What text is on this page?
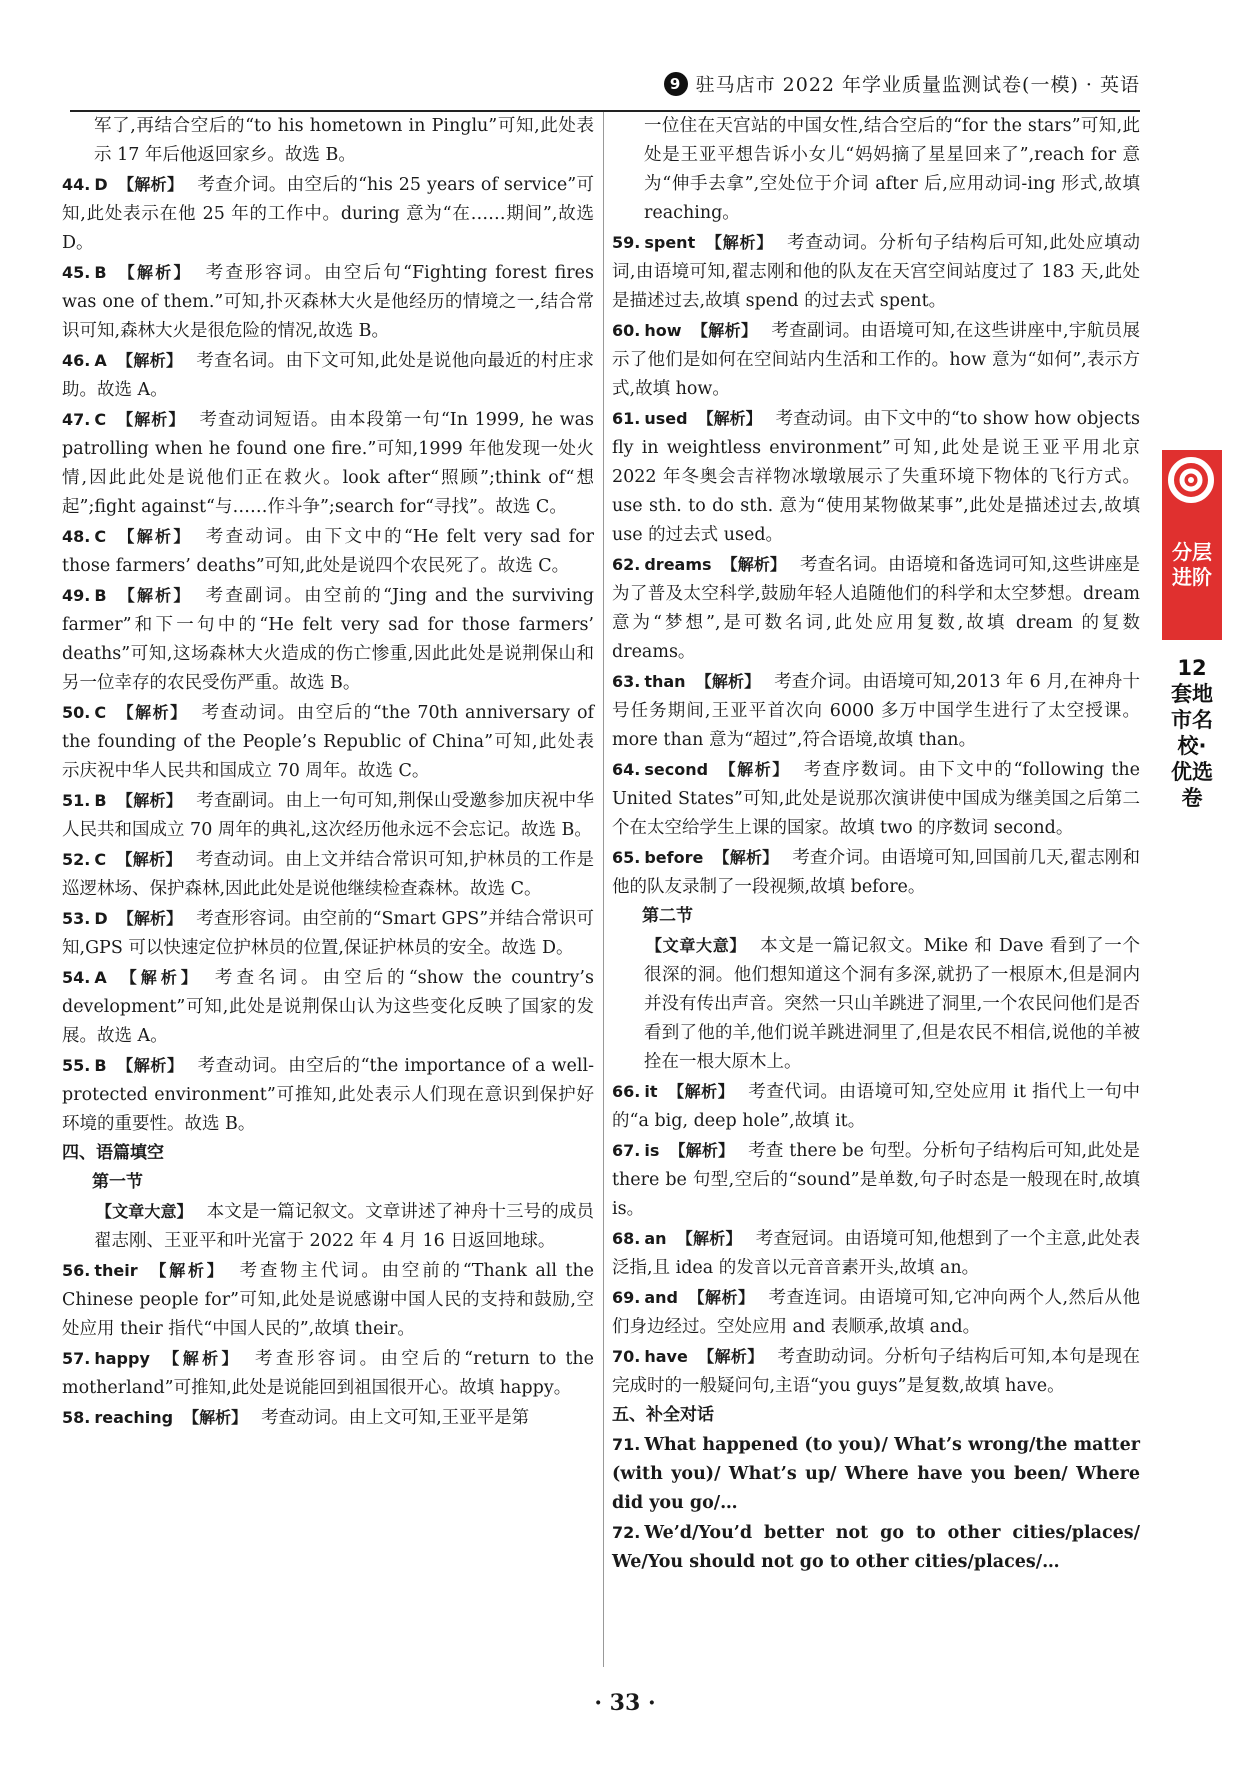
9 驻马店市 2022 年学业质量监测试卷(一模) · 英语

军了,再结合空后的“to his hometown in Pinglu”可知,此处表示 17 年后他返回家乡。故选 B。

44. D 【解析】 考查介词。由空后的“his 25 years of service”可知,此处表示在他 25 年的工作中。during 意为“在……期间”,故选 D。

45. B 【解析】 考查形容词。由空后句“Fighting forest fires was one of them.”可知,扑灭森林大火是他经历的情境之一,结合常识可知,森林大火是很危险的情况,故选 B。

46. A 【解析】 考查名词。由下文可知,此处是说他向最近的村庄求助。故选 A。

47. C 【解析】 考查动词短语。由本段第一句“In 1999, he was patrolling when he found one fire.”可知,1999 年他发现一处火情,因此此处是说他们正在救火。look after“照顾”;think of“想起”;fight against“与……作斗争”;search for“寻找”。故选 C。

48. C 【解析】 考查动词。由下文中的“He felt very sad for those farmers’ deaths”可知,此处是说四个农民死了。故选 C。

49. B 【解析】 考查副词。由空前的“Jing and the surviving farmer”和下一句中的“He felt very sad for those farmers’ deaths”可知,这场森林大火造成的伤亡惨重,因此此处是说荆保山和另一位幸存的农民受伤严重。故选 B。

50. C 【解析】 考查动词。由空后的“the 70th anniversary of the founding of the People’s Republic of China”可知,此处表示庆祝中华人民共和国成立 70 周年。故选 C。

51. B 【解析】 考查副词。由上一句可知,荆保山受邀参加庆祝中华人民共和国成立 70 周年的典礼,这次经历他永远不会忘记。故选 B。

52. C 【解析】 考查动词。由上文并结合常识可知,护林员的工作是巡逻林场、保护森林,因此此处是说他继续检查森林。故选 C。

53. D 【解析】 考查形容词。由空前的“Smart GPS”并结合常识可知,GPS 可以快速定位护林员的位置,保证护林员的安全。故选 D。

54. A 【解析】 考查名词。由空后的“show the country’s development”可知,此处是说荆保山认为这些变化反映了国家的发展。故选 A。

55. B 【解析】 考查动词。由空后的“the importance of a well-protected environment”可推知,此处表示人们现在意识到保护好环境的重要性。故选 B。

四、语篇填空

第一节

【文章大意】 本文是一篇记叙文。文章讲述了神舟十三号的成员翟志刚、王亚平和叶光富于 2022 年 4 月 16 日返回地球。

56. their 【解析】 考查物主代词。由空前的“Thank all the Chinese people for”可知,此处是说感谢中国人民的支持和鼓励,空处应用 their 指代“中国人民的”,故填 their。

57. happy 【解析】 考查形容词。由空后的“return to the motherland”可推知,此处是说能回到祖国很开心。故填 happy。

58. reaching 【解析】 考查动词。由上文可知,王亚平是第

一位住在天宫站的中国女性,结合空后的“for the stars”可知,此处是王亚平想告诉小女儿“妈妈摘了星星回来了”,reach for 意为“伸手去拿”,空处位于介词 after 后,应用动词-ing 形式,故填 reaching。

59. spent 【解析】 考查动词。分析句子结构后可知,此处应填动词,由语境可知,翟志刚和他的队友在天宫空间站度过了 183 天,此处是描述过去,故填 spend 的过去式 spent。

60. how 【解析】 考查副词。由语境可知,在这些讲座中,宇航员展示了他们是如何在空间站内生活和工作的。how 意为“如何”,表示方式,故填 how。

61. used 【解析】 考查动词。由下文中的“to show how objects fly in weightless environment”可知,此处是说王亚平用北京 2022 年冬奥会吉祥物冰墩墩展示了失重环境下物体的飞行方式。use sth. to do sth. 意为“使用某物做某事”,此处是描述过去,故填 use 的过去式 used。

62. dreams 【解析】 考查名词。由语境和备选词可知,这些讲座是为了普及太空科学,鼓励年轻人追随他们的科学和太空梦想。dream 意为“梦想”,是可数名词,此处应用复数,故填 dream 的复数 dreams。

63. than 【解析】 考查介词。由语境可知,2013 年 6 月,在神舟十号任务期间,王亚平首次向 6000 多万中国学生进行了太空授课。more than 意为“超过”,符合语境,故填 than。

64. second 【解析】 考查序数词。由下文中的“following the United States”可知,此处是说那次演讲使中国成为继美国之后第二个在太空给学生上课的国家。故填 two 的序数词 second。

65. before 【解析】 考查介词。由语境可知,回国前几天,翟志刚和他的队友录制了一段视频,故填 before。

第二节

【文章大意】 本文是一篇记叙文。Mike 和 Dave 看到了一个很深的洞。他们想知道这个洞有多深,就扔了一根原木,但是洞内并没有传出声音。突然一只山羊跳进了洞里,一个农民问他们是否看到了他的羊,他们说羊跳进洞里了,但是农民不相信,说他的羊被拴在一根大原木上。

66. it 【解析】 考查代词。由语境可知,空处应用 it 指代上一句中的“a big, deep hole”,故填 it。

67. is 【解析】 考查 there be 句型。分析句子结构后可知,此处是 there be 句型,空后的“sound”是单数,句子时态是一般现在时,故填 is。

68. an 【解析】 考查冠词。由语境可知,他想到了一个主意,此处表泛指,且 idea 的发音以元音音素开头,故填 an。

69. and 【解析】 考查连词。由语境可知,它冲向两个人,然后从他们身边经过。空处应用 and 表顺承,故填 and。

70. have 【解析】 考查助动词。分析句子结构后可知,本句是现在完成时的一般疑问句,主语“you guys”是复数,故填 have。

五、补全对话

71. What happened (to you)/ What’s wrong/the matter (with you)/ What’s up/ Where have you been/ Where did you go/…

72. We’d/You’d better not go to other cities/places/ We/You should not go to other cities/places/…

分层进阶
12套地市名校·优选卷
· 33 ·
